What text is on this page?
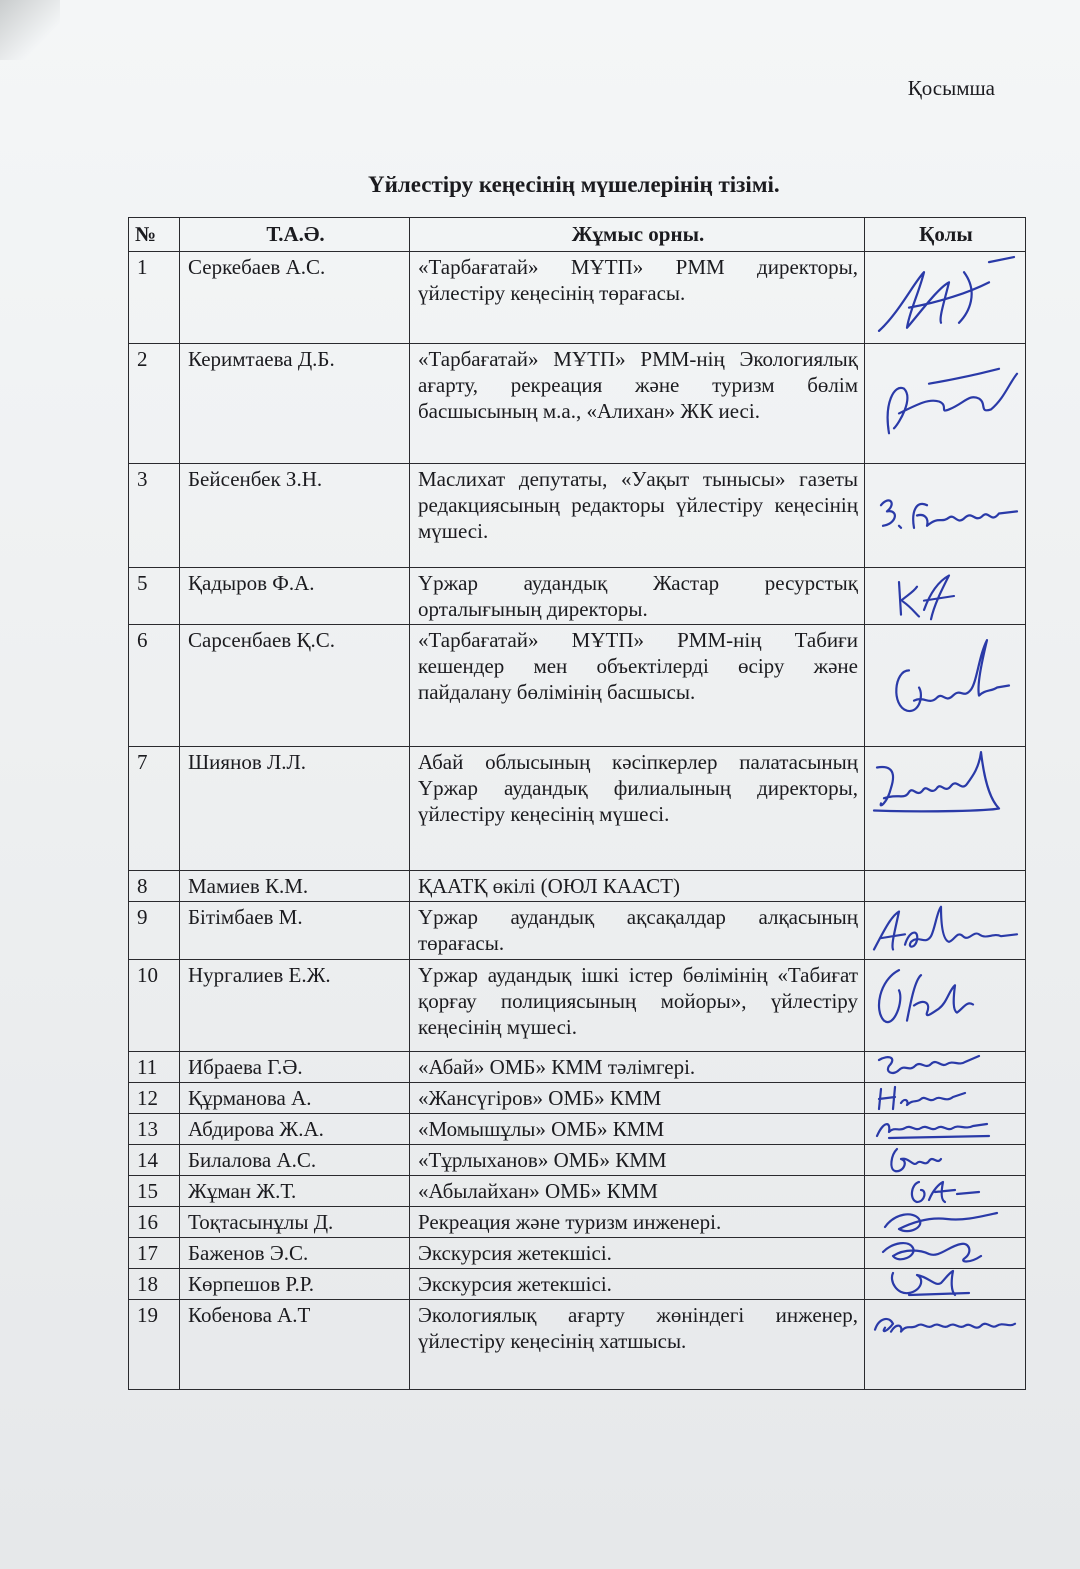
Қосымша
Үйлестіру кеңесінің мүшелерінің тізімі.
№	Т.А.Ә.	Жұмыс орны.	Қолы
1	Серкебаев А.С.	«Тарбағатай» МҰТП» РММ директоры, үйлестіру кеңесінің төрағасы.	

2	Керимтаева Д.Б.	«Тарбағатай» МҰТП» РММ-нің Экологиялық ағарту, рекреация және туризм бөлім басшысының м.а., «Алихан» ЖК иесі.	

3	Бейсенбек З.Н.	Маслихат депутаты, «Уақыт тынысы» газеты редакциясының редакторы үйлестіру кеңесінің мүшесі.	

5	Қадыров Ф.А.	Үржар аудандық Жастар ресурстық орталығының директоры.	

6	Сарсенбаев Қ.С.	«Тарбағатай» МҰТП» РММ-нің Табиғи кешендер мен объектілерді өсіру және пайдалану бөлімінің басшысы.	

7	Шиянов Л.Л.	Абай облысының кәсіпкерлер палатасының Үржар аудандық филиалының директоры, үйлестіру кеңесінің мүшесі.	

8	Мамиев К.М.	ҚААТҚ өкілі (ОЮЛ КААСТ)	
9	Бітімбаев М.	Үржар аудандық ақсақалдар алқасының төрағасы.	

10	Нургалиев Е.Ж.	Үржар аудандық ішкі істер бөлімінің «Табиғат қорғау полициясының мойоры», үйлестіру кеңесінің мүшесі.	

11	Ибраева Г.Ә.	«Абай» ОМБ» КММ тәлімгері.	

12	Құрманова А.	«Жансүгіров» ОМБ» КММ	

13	Абдирова Ж.А.	«Момышұлы» ОМБ» КММ	

14	Билалова А.С.	«Тұрлыханов» ОМБ» КММ	

15	Жұман Ж.Т.	«Абылайхан» ОМБ» КММ	

16	Тоқтасынұлы Д.	Рекреация және туризм инженері.	

17	Баженов Э.С.	Экскурсия жетекшісі.	

18	Көрпешов Р.Р.	Экскурсия жетекшісі.	

19	Кобенова А.Т	Экологиялық ағарту жөніндегі инженер, үйлестіру кеңесінің хатшысы.	
